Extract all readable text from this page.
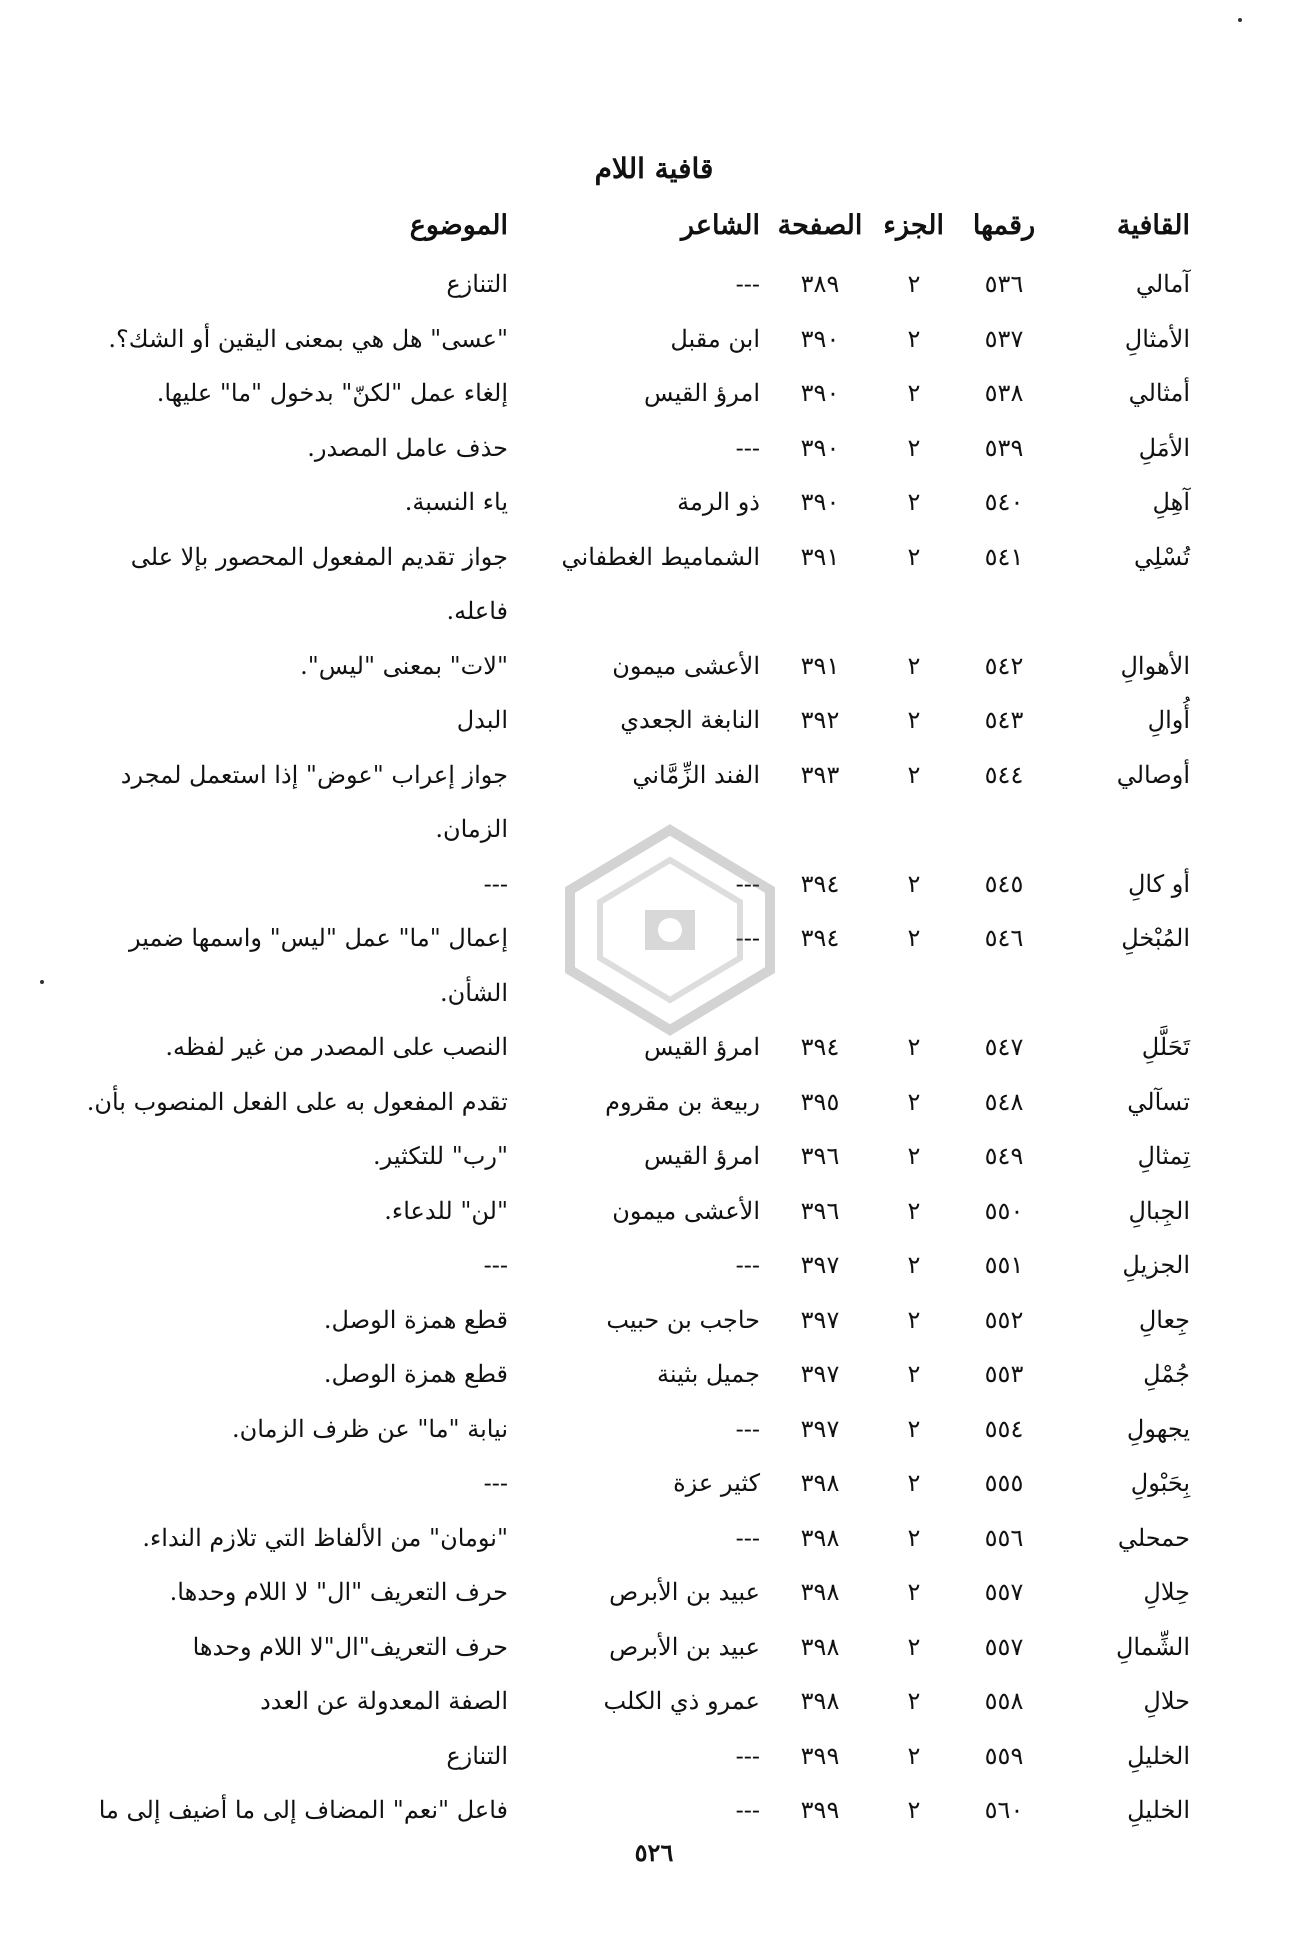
قافية اللام
القافية
رقمها
الجزء
الصفحة
الشاعر
الموضوع
آمالي
٥٣٦
٢
٣٨٩
---
التنازع
الأمثالِ
٥٣٧
٢
٣٩٠
ابن مقبل
"عسى" هل هي بمعنى اليقين أو الشك؟.
أمثالي
٥٣٨
٢
٣٩٠
امرؤ القيس
إلغاء عمل "لكنّ" بدخول "ما" عليها.
الأمَلِ
٥٣٩
٢
٣٩٠
---
حذف عامل المصدر.
آهِلِ
٥٤٠
٢
٣٩٠
ذو الرمة
ياء النسبة.
تُسْلِي
٥٤١
٢
٣٩١
الشماميط الغطفاني
جواز تقديم المفعول المحصور بإلا على
فاعله.
الأهوالِ
٥٤٢
٢
٣٩١
الأعشى ميمون
"لات" بمعنى "ليس".
أُوالِ
٥٤٣
٢
٣٩٢
النابغة الجعدي
البدل
أوصالي
٥٤٤
٢
٣٩٣
الفند الزِّمَّاني
جواز إعراب "عوض" إذا استعمل لمجرد
الزمان.
أو كالِ
٥٤٥
٢
٣٩٤
---
---
المُبْخلِ
٥٤٦
٢
٣٩٤
---
إعمال "ما" عمل "ليس" واسمها ضمير
الشأن.
تَحَلَّلِ
٥٤٧
٢
٣٩٤
امرؤ القيس
النصب على المصدر من غير لفظه.
تسآلي
٥٤٨
٢
٣٩٥
ربيعة بن مقروم
تقدم المفعول به على الفعل المنصوب بأن.
تِمثالِ
٥٤٩
٢
٣٩٦
امرؤ القيس
"رب" للتكثير.
الجِبالِ
٥٥٠
٢
٣٩٦
الأعشى ميمون
"لن" للدعاء.
الجزيلِ
٥٥١
٢
٣٩٧
---
---
جِعالِ
٥٥٢
٢
٣٩٧
حاجب بن حبيب
قطع همزة الوصل.
جُمْلِ
٥٥٣
٢
٣٩٧
جميل بثينة
قطع همزة الوصل.
يجهولِ
٥٥٤
٢
٣٩٧
---
نيابة "ما" عن ظرف الزمان.
بِحَبْولِ
٥٥٥
٢
٣٩٨
كثير عزة
---
حمحلي
٥٥٦
٢
٣٩٨
---
"نومان" من الألفاظ التي تلازم النداء.
حِلالِ
٥٥٧
٢
٣٩٨
عبيد بن الأبرص
حرف التعريف "ال" لا اللام وحدها.
الشِّمالِ
٥٥٧
٢
٣٩٨
عبيد بن الأبرص
حرف التعريف"ال"لا اللام وحدها
حلالِ
٥٥٨
٢
٣٩٨
عمرو ذي الكلب
الصفة المعدولة عن العدد
الخليلِ
٥٥٩
٢
٣٩٩
---
التنازع
الخليلِ
٥٦٠
٢
٣٩٩
---
فاعل "نعم" المضاف إلى ما أضيف إلى ما
٥٢٦
